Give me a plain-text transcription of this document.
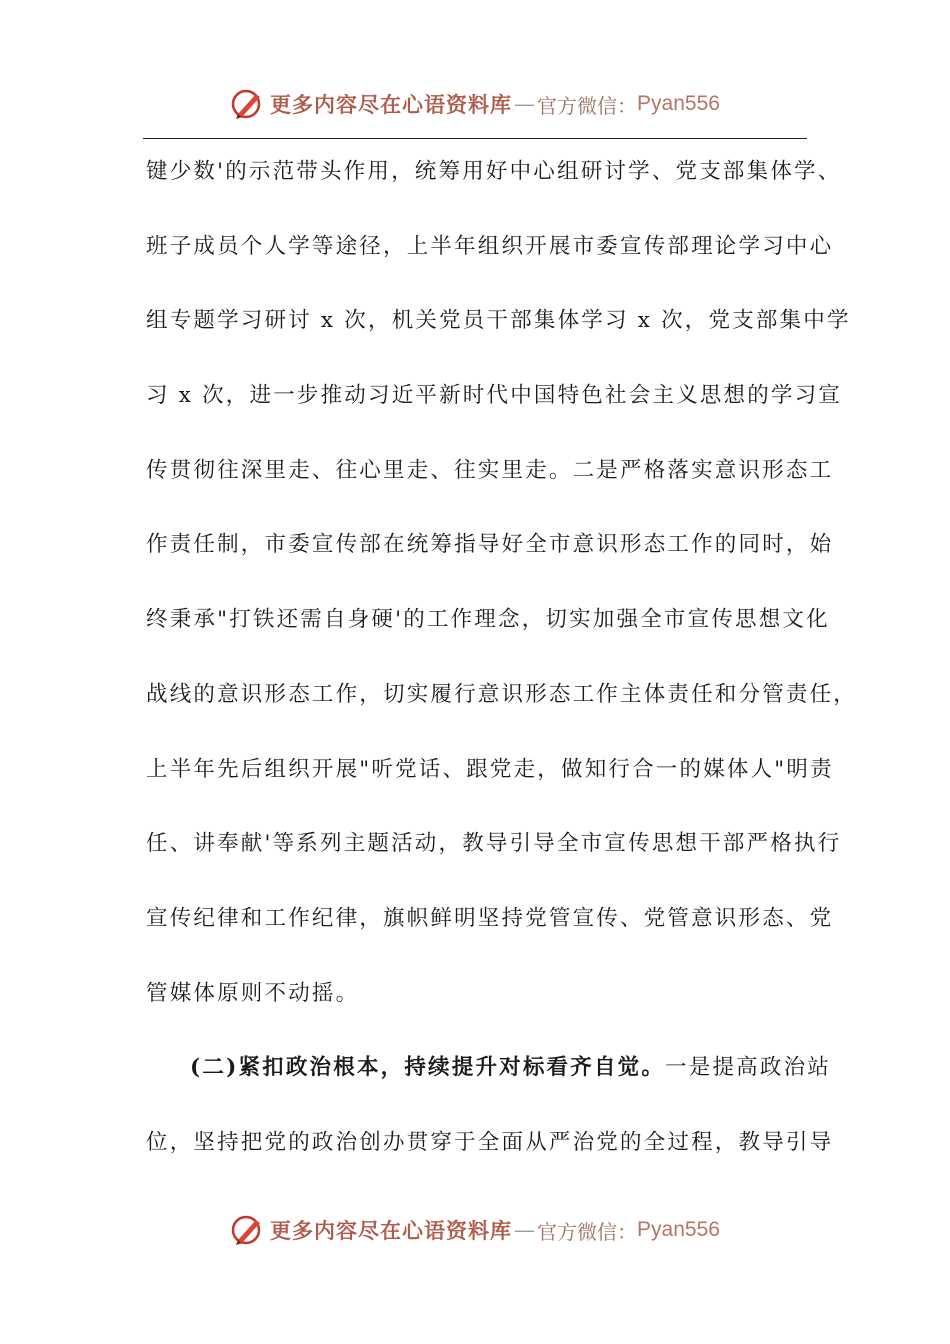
更多内容尽在心语资料库 — 官方微信： Pyan556
键少数'的示范带头作用，统筹用好中心组研讨学、党支部集体学、
班子成员个人学等途径，上半年组织开展市委宣传部理论学习中心
组专题学习研讨 x 次，机关党员干部集体学习 x 次，党支部集中学
习 x 次，进一步推动习近平新时代中国特色社会主义思想的学习宣
传贯彻往深里走、往心里走、往实里走。二是严格落实意识形态工
作责任制，市委宣传部在统筹指导好全市意识形态工作的同时，始
终秉承"打铁还需自身硬'的工作理念，切实加强全市宣传思想文化
战线的意识形态工作，切实履行意识形态工作主体责任和分管责任，
上半年先后组织开展"听党话、跟党走，做知行合一的媒体人"明责
任、讲奉献'等系列主题活动，教导引导全市宣传思想干部严格执行
宣传纪律和工作纪律，旗帜鲜明坚持党管宣传、党管意识形态、党
管媒体原则不动摇。
(二)紧扣政治根本，持续提升对标看齐自觉。一是提高政治站
位，坚持把党的政治创办贯穿于全面从严治党的全过程，教导引导
更多内容尽在心语资料库 — 官方微信： Pyan556
